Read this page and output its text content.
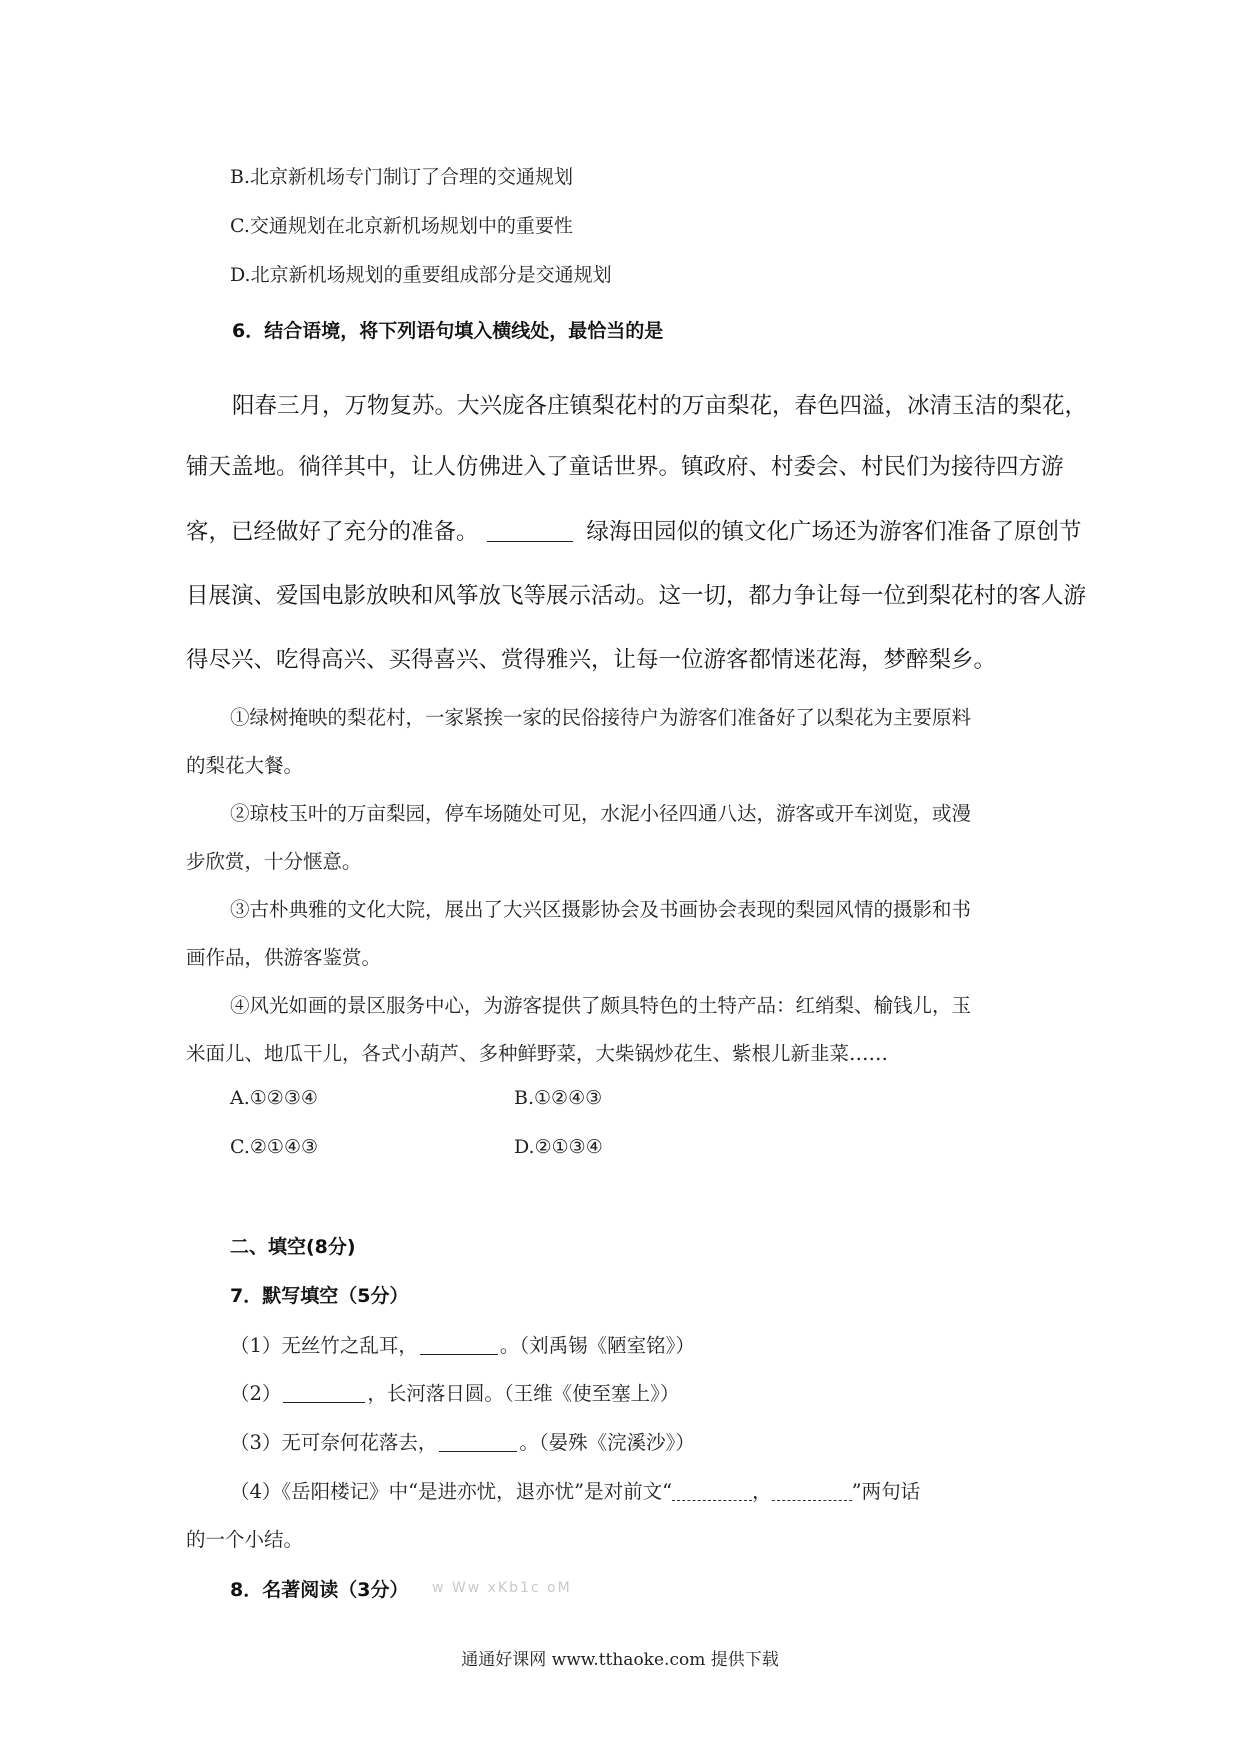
B.北京新机场专门制订了合理的交通规划
C.交通规划在北京新机场规划中的重要性
D.北京新机场规划的重要组成部分是交通规划
6．结合语境，将下列语句填入横线处，最恰当的是
阳春三月，万物复苏。大兴庞各庄镇梨花村的万亩梨花，春色四溢，冰清玉洁的梨花，
铺天盖地。徜徉其中，让人仿佛进入了童话世界。镇政府、村委会、村民们为接待四方游
客，已经做好了充分的准备。	绿海田园似的镇文化广场还为游客们准备了原创节
目展演、爱国电影放映和风筝放飞等展示活动。这一切，都力争让每一位到梨花村的客人游
得尽兴、吃得高兴、买得喜兴、赏得雅兴，让每一位游客都情迷花海，梦醉梨乡。
①绿树掩映的梨花村，一家紧挨一家的民俗接待户为游客们准备好了以梨花为主要原料
的梨花大餐。
②琼枝玉叶的万亩梨园，停车场随处可见，水泥小径四通八达，游客或开车浏览，或漫
步欣赏，十分惬意。
③古朴典雅的文化大院，展出了大兴区摄影协会及书画协会表现的梨园风情的摄影和书
画作品，供游客鉴赏。
④风光如画的景区服务中心，为游客提供了颇具特色的土特产品：红绡梨、榆钱儿，玉
米面儿、地瓜干儿，各式小葫芦、多种鲜野菜，大柴锅炒花生、紫根儿新韭菜……
A.①②③④	B.①②④③
C.②①④③	D.②①③④
二、填空(8分)
7．默写填空（5分）
（1）无丝竹之乱耳，	。（刘禹锡《陋室铭》）
（2）	，长河落日圆。（王维《使至塞上》）
（3）无可奈何花落去，	。（晏殊《浣溪沙》）
（4）《岳阳楼记》中“是进亦忧，退亦忧”是对前文“	，	”两句话
的一个小结。
8．名著阅读（3分） w Ww xKb1c oM
通通好课网 www.tthaoke.com 提供下载
